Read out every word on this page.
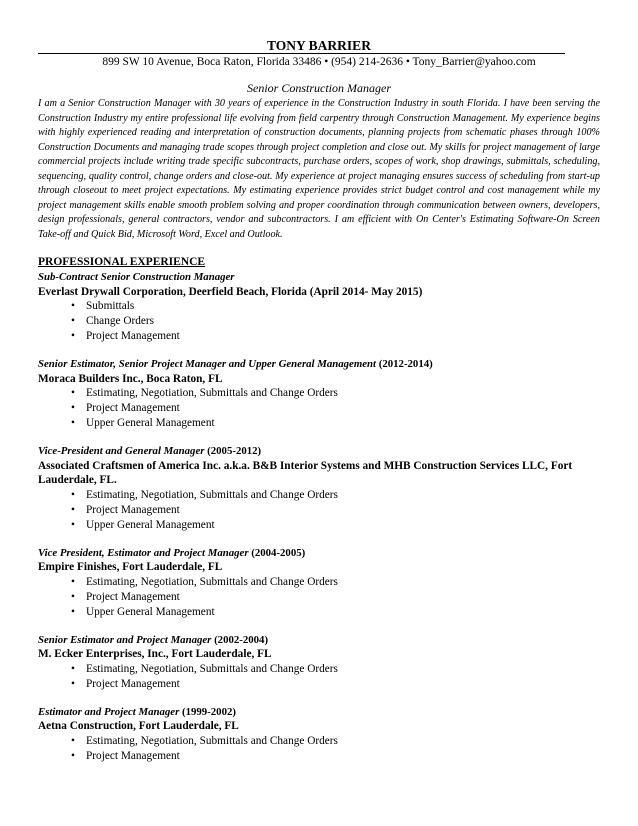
TONY BARRIER

899 SW 10 Avenue, Boca Raton, Florida 33486 • (954) 214-2636 • Tony_Barrier@yahoo.com

Senior Construction Manager

I am a Senior Construction Manager with 30 years of experience in the Construction Industry in south Florida. I have been serving the Construction Industry my entire professional life evolving from field carpentry through Construction Management. My experience begins with highly experienced reading and interpretation of construction documents, planning projects from schematic phases through 100% Construction Documents and managing trade scopes through project completion and close out. My skills for project management of large commercial projects include writing trade specific subcontracts, purchase orders, scopes of work, shop drawings, submittals, scheduling, sequencing, quality control, change orders and close-out. My experience at project managing ensures success of scheduling from start-up through closeout to meet project expectations. My estimating experience provides strict budget control and cost management while my project management skills enable smooth problem solving and proper coordination through communication between owners, developers, design professionals, general contractors, vendor and subcontractors. I am efficient with On Center's Estimating Software-On Screen Take-off and Quick Bid, Microsoft Word, Excel and Outlook.

PROFESSIONAL EXPERIENCE

Sub-Contract Senior Construction Manager

Everlast Drywall Corporation, Deerfield Beach, Florida (April 2014- May 2015)

• Submittals
• Change Orders
• Project Management

Senior Estimator, Senior Project Manager and Upper General Management (2012-2014)

Moraca Builders Inc., Boca Raton, FL

• Estimating, Negotiation, Submittals and Change Orders
• Project Management
• Upper General Management

Vice-President and General Manager (2005-2012)

Associated Craftsmen of America Inc. a.k.a. B&B Interior Systems and MHB Construction Services LLC, Fort Lauderdale, FL.

• Estimating, Negotiation, Submittals and Change Orders
• Project Management
• Upper General Management

Vice President, Estimator and Project Manager (2004-2005)

Empire Finishes, Fort Lauderdale, FL

• Estimating, Negotiation, Submittals and Change Orders
• Project Management
• Upper General Management

Senior Estimator and Project Manager (2002-2004)

M. Ecker Enterprises, Inc., Fort Lauderdale, FL

• Estimating, Negotiation, Submittals and Change Orders
• Project Management

Estimator and Project Manager (1999-2002)

Aetna Construction, Fort Lauderdale, FL

• Estimating, Negotiation, Submittals and Change Orders
• Project Management
